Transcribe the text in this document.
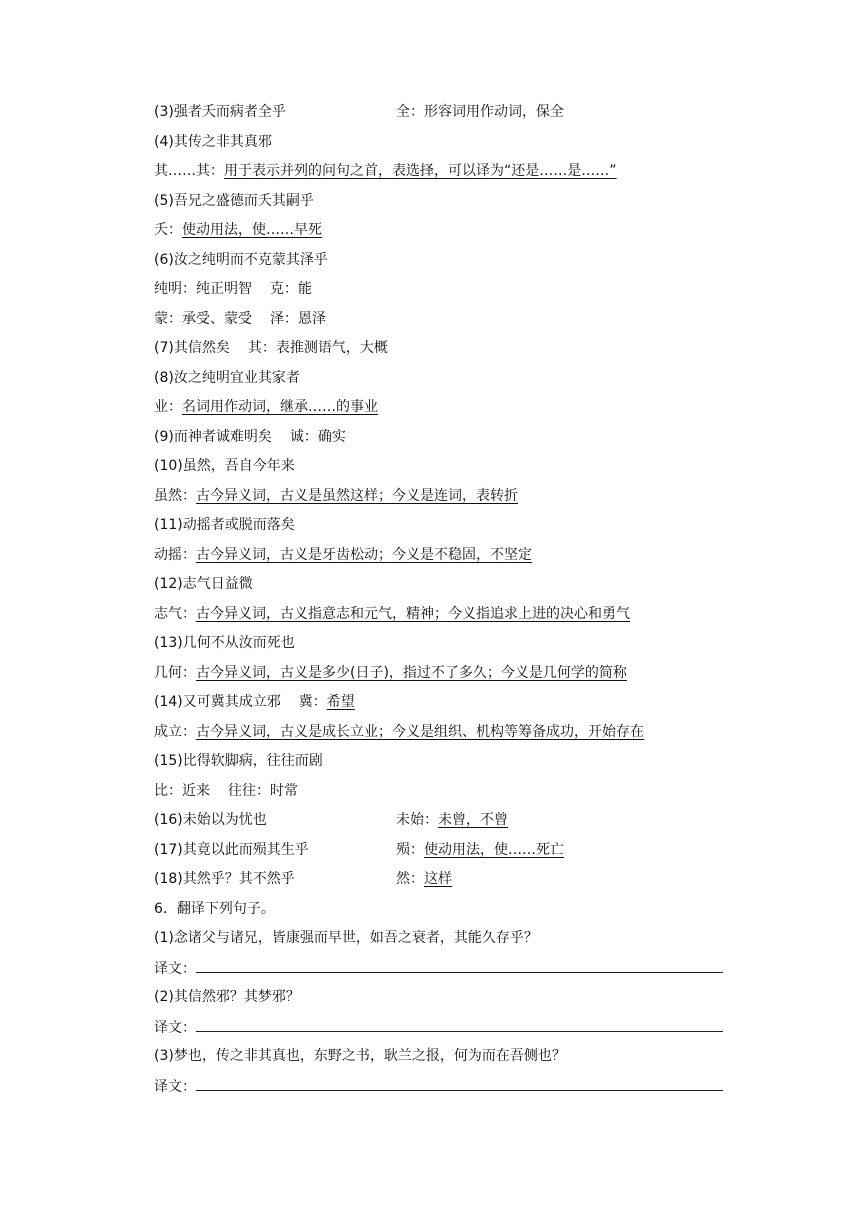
(3)强者夭而病者全乎	全：形容词用作动词，保全
(4)其传之非其真邪
其……其：用于表示并列的问句之首，表选择，可以译为“还是……是……”
(5)吾兄之盛德而夭其嗣乎
夭：使动用法，使……早死
(6)汝之纯明而不克蒙其泽乎
纯明：纯正明智 克：能
蒙：承受、蒙受 泽：恩泽
(7)其信然矣 其：表推测语气，大概
(8)汝之纯明宜业其家者
业：名词用作动词，继承……的事业
(9)而神者诚难明矣 诚：确实
(10)虽然，吾自今年来
虽然：古今异义词，古义是虽然这样；今义是连词，表转折
(11)动摇者或脱而落矣
动摇：古今异义词，古义是牙齿松动；今义是不稳固，不坚定
(12)志气日益微
志气：古今异义词，古义指意志和元气，精神；今义指追求上进的决心和勇气
(13)几何不从汝而死也
几何：古今异义词，古义是多少(日子)，指过不了多久；今义是几何学的简称
(14)又可冀其成立邪 冀：希望
成立：古今异义词，古义是成长立业；今义是组织、机构等筹备成功，开始存在
(15)比得软脚病，往往而剧
比：近来 往往：时常
(16)未始以为忧也	未始：未曾，不曾
(17)其竟以此而殒其生乎	殒：使动用法，使……死亡
(18)其然乎？其不然乎	然：这样
6．翻译下列句子。
(1)念诸父与诸兄，皆康强而早世，如吾之衰者，其能久存乎？
译文：
(2)其信然邪？其梦邪？
译文：
(3)梦也，传之非其真也，东野之书，耿兰之报，何为而在吾侧也？
译文：
